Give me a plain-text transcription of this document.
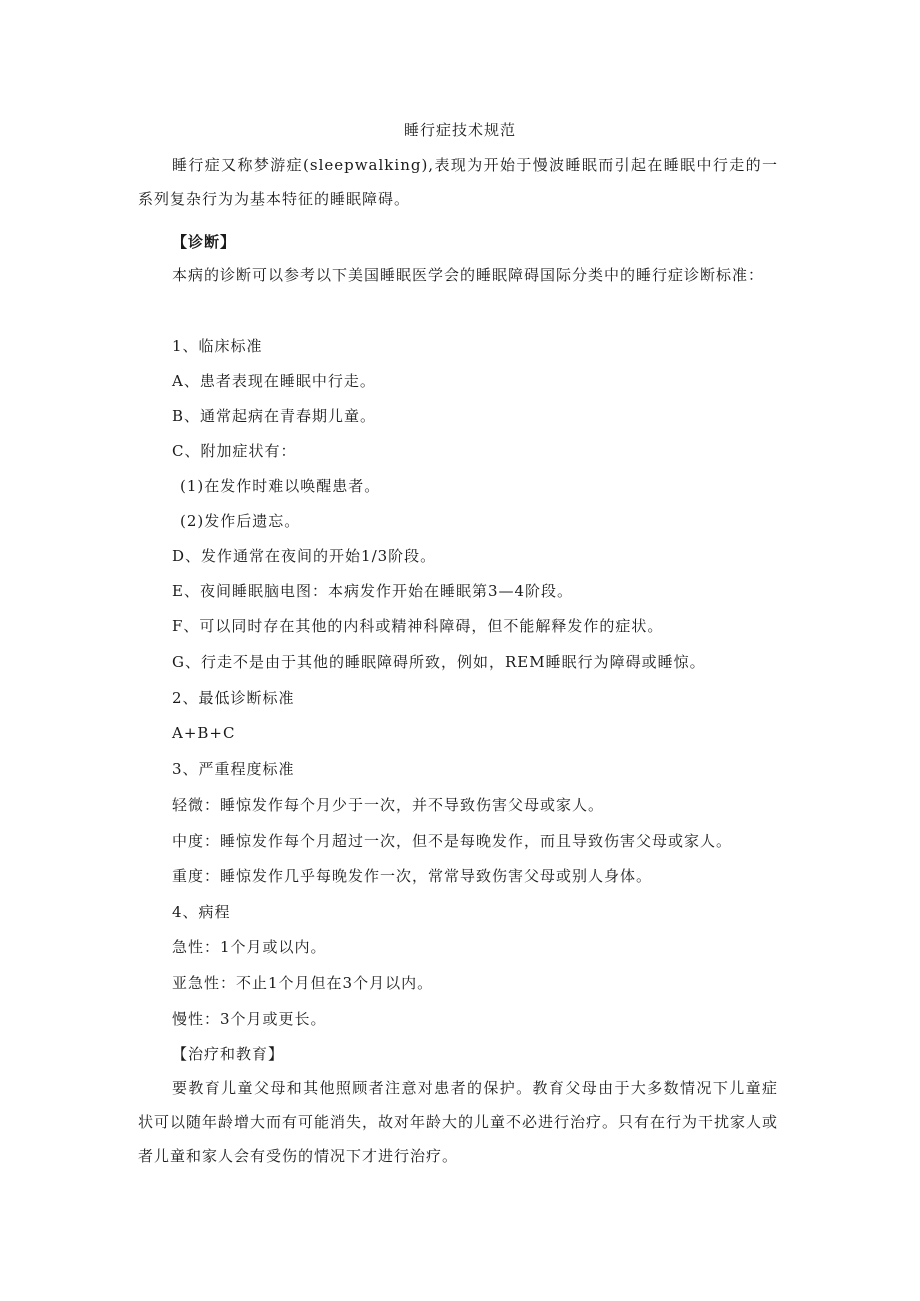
睡行症技术规范
睡行症又称梦游症(sleepwalking),表现为开始于慢波睡眠而引起在睡眠中行走的一系列复杂行为为基本特征的睡眠障碍。
【诊断】
本病的诊断可以参考以下美国睡眠医学会的睡眠障碍国际分类中的睡行症诊断标准：
1、临床标准
A、患者表现在睡眠中行走。
B、通常起病在青春期儿童。
C、附加症状有：
(1)在发作时难以唤醒患者。
(2)发作后遗忘。
D、发作通常在夜间的开始1/3阶段。
E、夜间睡眠脑电图：本病发作开始在睡眠第3—4阶段。
F、可以同时存在其他的内科或精神科障碍，但不能解释发作的症状。
G、行走不是由于其他的睡眠障碍所致，例如，REM睡眠行为障碍或睡惊。
2、最低诊断标准
A+B+C
3、严重程度标准
轻微：睡惊发作每个月少于一次，并不导致伤害父母或家人。
中度：睡惊发作每个月超过一次，但不是每晚发作，而且导致伤害父母或家人。
重度：睡惊发作几乎每晚发作一次，常常导致伤害父母或别人身体。
4、病程
急性：1个月或以内。
亚急性：不止1个月但在3个月以内。
慢性：3个月或更长。
【治疗和教育】
要教育儿童父母和其他照顾者注意对患者的保护。教育父母由于大多数情况下儿童症状可以随年龄增大而有可能消失，故对年龄大的儿童不必进行治疗。只有在行为干扰家人或者儿童和家人会有受伤的情况下才进行治疗。
